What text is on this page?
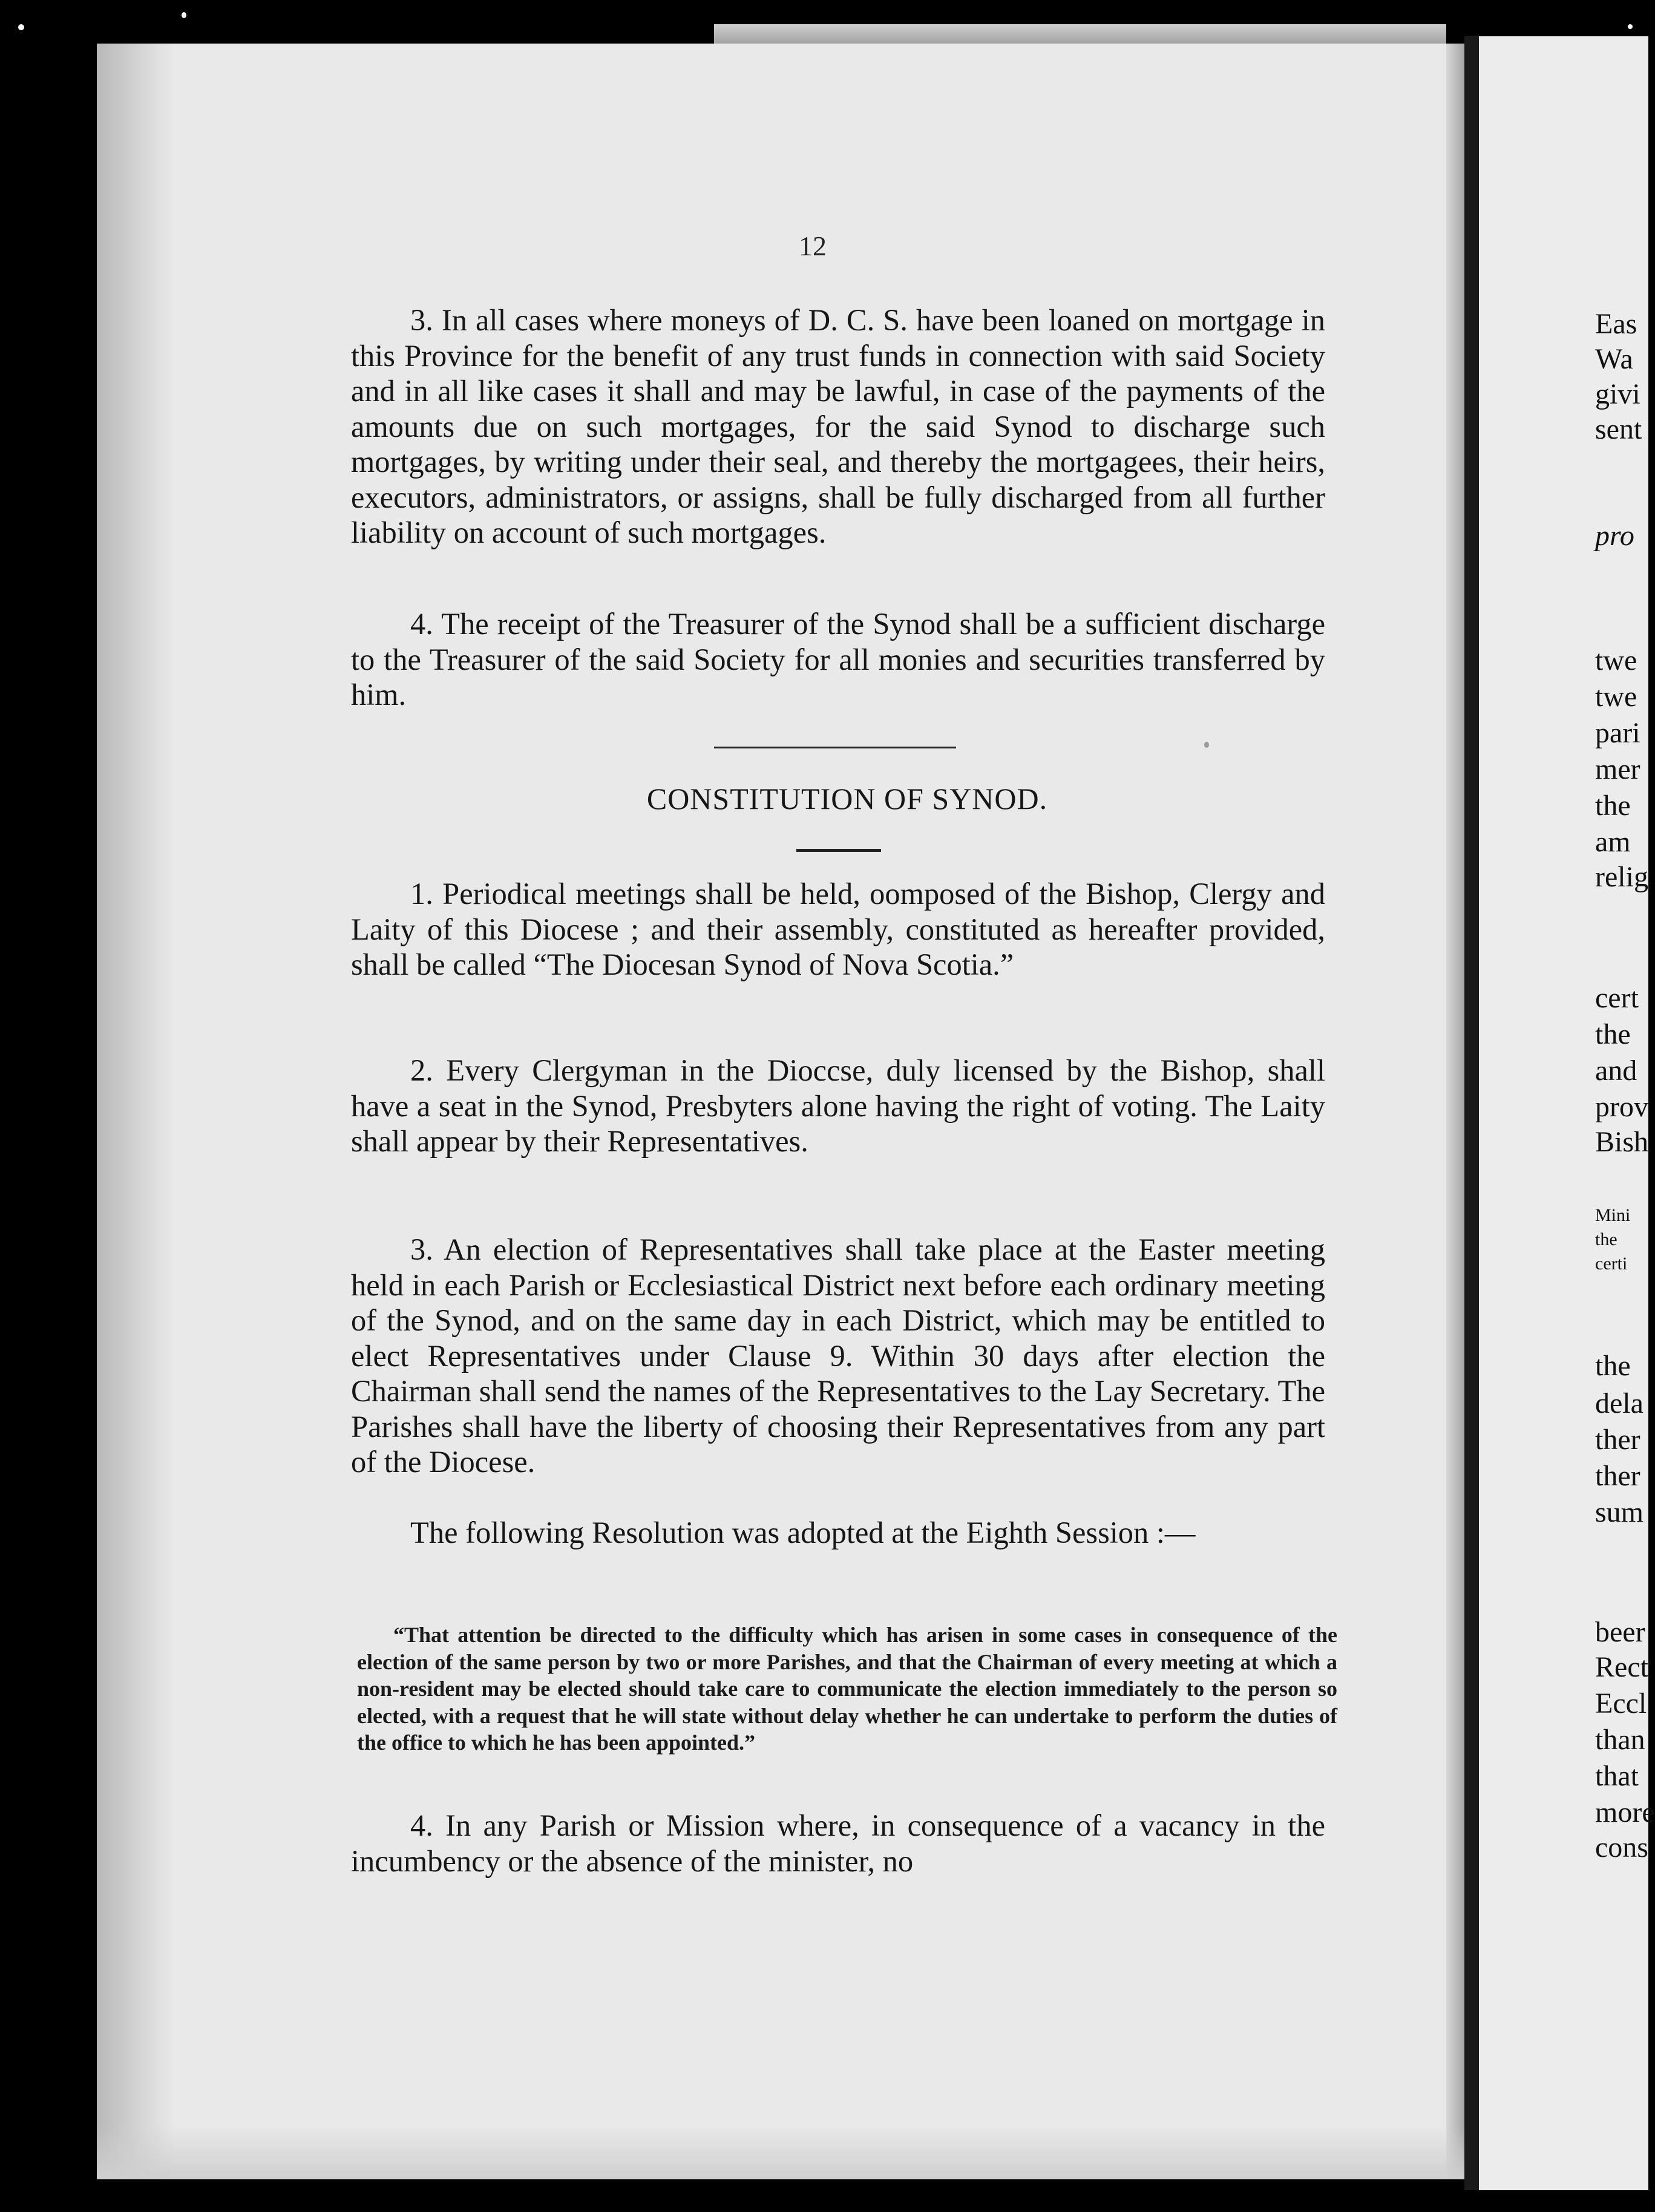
Eas
Wa
givi
sent
pro
twe
twe
pari
mer
the
am
relig
cert
the
and
prov
Bish
Mini
the
certi
the
dela
ther
ther
sum
beer
Rect
Eccl
than
that
more
cons
12

3. In all cases where moneys of D. C. S. have been loaned on mortgage in this Province for the benefit of any trust funds in connection with said Society and in all like cases it shall and may be lawful, in case of the payments of the amounts due on such mortgages, for the said Synod to discharge such mortgages, by writing under their seal, and thereby the mortgagees, their heirs, executors, administrators, or assigns, shall be fully discharged from all further liability on account of such mortgages.

4. The receipt of the Treasurer of the Synod shall be a sufficient discharge to the Treasurer of the said Society for all monies and securities transferred by him.

CONSTITUTION OF SYNOD.

1. Periodical meetings shall be held, oomposed of the Bishop, Clergy and Laity of this Diocese ; and their assembly, constituted as hereafter provided, shall be called “The Diocesan Synod of Nova Scotia.”

2. Every Clergyman in the Dioccse, duly licensed by the Bishop, shall have a seat in the Synod, Presbyters alone having the right of voting. The Laity shall appear by their Representatives.

3. An election of Representatives shall take place at the Easter meeting held in each Parish or Ecclesiastical District next before each ordinary meeting of the Synod, and on the same day in each District, which may be entitled to elect Representatives under Clause 9. Within 30 days after election the Chairman shall send the names of the Representatives to the Lay Secretary. The Parishes shall have the liberty of choosing their Representatives from any part of the Diocese.

The following Resolution was adopted at the Eighth Session :—

“That attention be directed to the difficulty which has arisen in some cases in consequence of the election of the same person by two or more Parishes, and that the Chairman of every meeting at which a non-resident may be elected should take care to communicate the election immediately to the person so elected, with a request that he will state without delay whether he can undertake to perform the duties of the office to which he has been appointed.”

4. In any Parish or Mission where, in consequence of a vacancy in the incumbency or the absence of the minister, no
